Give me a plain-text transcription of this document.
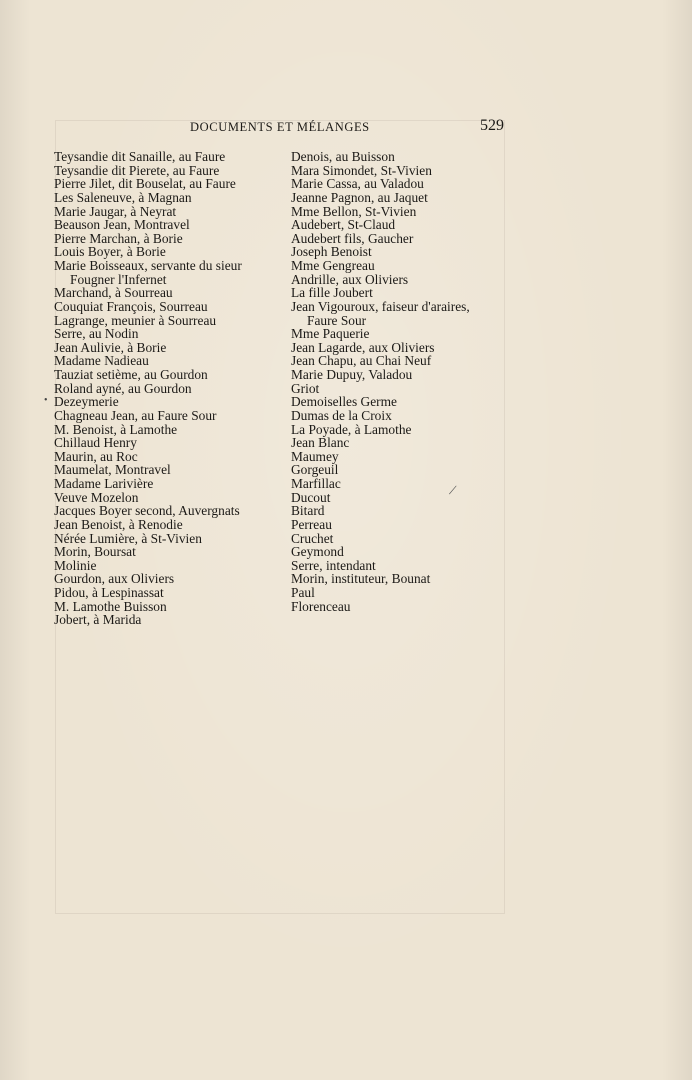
DOCUMENTS ET MÉLANGES	529
Teysandie dit Sanaille, au Faure
Teysandie dit Pierete, au Faure
Pierre Jilet, dit Bouselat, au Faure
Les Saleneuve, à Magnan
Marie Jaugar, à Neyrat
Beauson Jean, Montravel
Pierre Marchan, à Borie
Louis Boyer, à Borie
Marie Boisseaux, servante du sieur
Fougner l'Infernet
Marchand, à Sourreau
Couquiat François, Sourreau
Lagrange, meunier à Sourreau
Serre, au Nodin
Jean Aulivie, à Borie
Madame Nadieau
Tauziat setième, au Gourdon
Roland ayné, au Gourdon
Dezeymerie
Chagneau Jean, au Faure Sour
M. Benoist, à Lamothe
Chillaud Henry
Maurin, au Roc
Maumelat, Montravel
Madame Larivière
Veuve Mozelon
Jacques Boyer second, Auvergnats
Jean Benoist, à Renodie
Nérée Lumière, à St-Vivien
Morin, Boursat
Molinie
Gourdon, aux Oliviers
Pidou, à Lespinassat
M. Lamothe Buisson
Jobert, à Marida
Denois, au Buisson
Mara Simondet, St-Vivien
Marie Cassa, au Valadou
Jeanne Pagnon, au Jaquet
Mme Bellon, St-Vivien
Audebert, St-Claud
Audebert fils, Gaucher
Joseph Benoist
Mme Gengreau
Andrille, aux Oliviers
La fille Joubert
Jean Vigouroux, faiseur d'araires,
Faure Sour
Mme Paquerie
Jean Lagarde, aux Oliviers
Jean Chapu, au Chai Neuf
Marie Dupuy, Valadou
Griot
Demoiselles Germe
Dumas de la Croix
La Poyade, à Lamothe
Jean Blanc
Maumey
Gorgeuil
Marfillac
Ducout
Bitard
Perreau
Cruchet
Geymond
Serre, intendant
Morin, instituteur, Bounat
Paul
Florenceau
•
|
